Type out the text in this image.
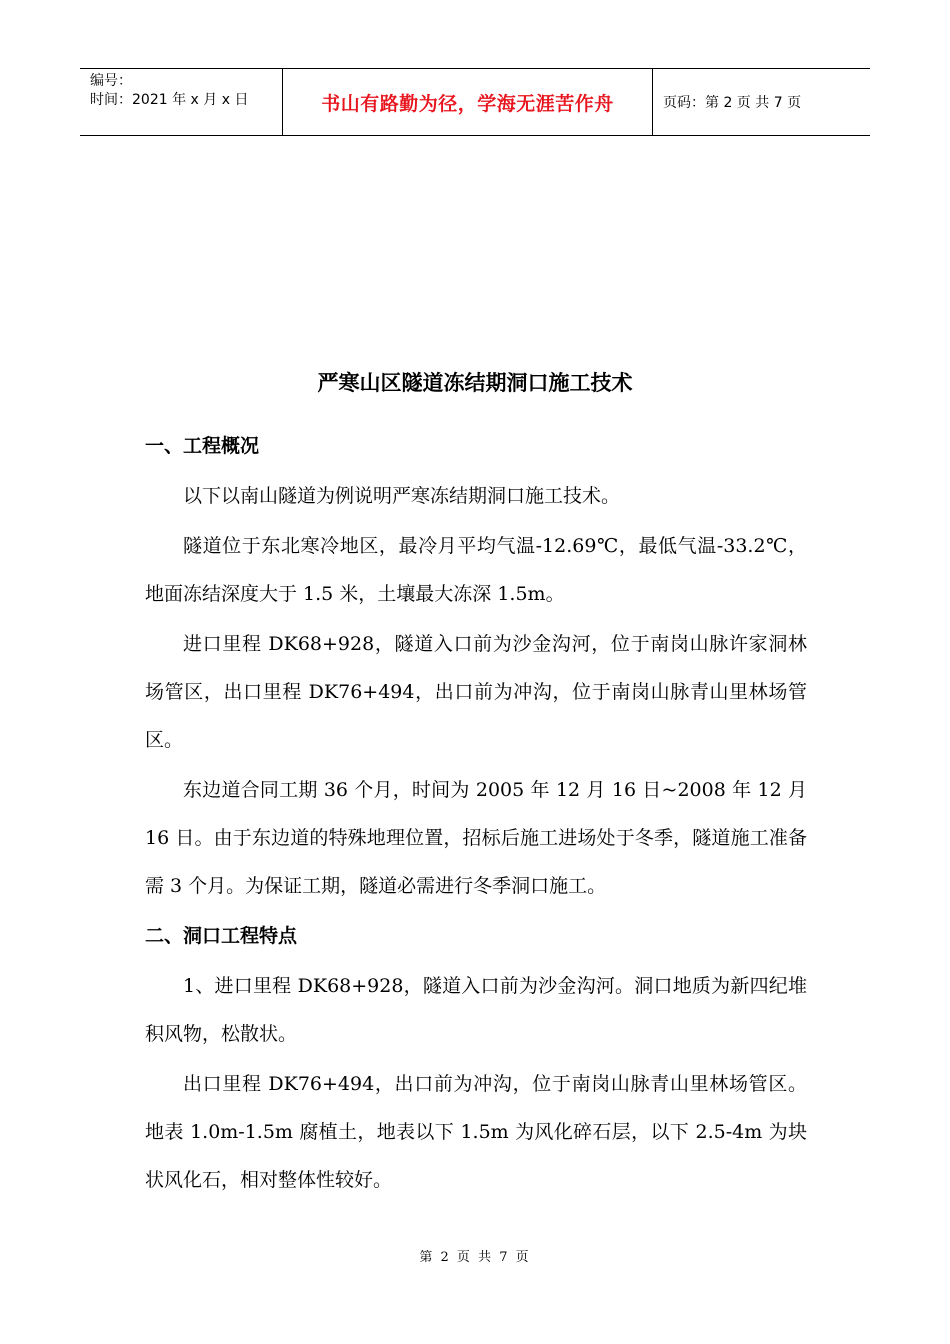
编号：
时间：2021 年 x 月 x 日	书山有路勤为径，学海无涯苦作舟	页码：第 2 页 共 7 页
严寒山区隧道冻结期洞口施工技术
一、工程概况
以下以南山隧道为例说明严寒冻结期洞口施工技术。
隧道位于东北寒冷地区，最冷月平均气温-12.69℃，最低气温-33.2℃，地面冻结深度大于 1.5 米，土壤最大冻深 1.5m。
进口里程 DK68+928，隧道入口前为沙金沟河，位于南岗山脉许家洞林场管区，出口里程 DK76+494，出口前为冲沟，位于南岗山脉青山里林场管区。
东边道合同工期 36 个月，时间为 2005 年 12 月 16 日~2008 年 12 月 16 日。由于东边道的特殊地理位置，招标后施工进场处于冬季，隧道施工准备需 3 个月。为保证工期，隧道必需进行冬季洞口施工。
二、洞口工程特点
1、进口里程 DK68+928，隧道入口前为沙金沟河。洞口地质为新四纪堆积风物，松散状。
出口里程 DK76+494，出口前为冲沟，位于南岗山脉青山里林场管区。地表 1.0m-1.5m 腐植土，地表以下 1.5m 为风化碎石层，以下 2.5-4m 为块状风化石，相对整体性较好。
第 2 页 共 7 页
